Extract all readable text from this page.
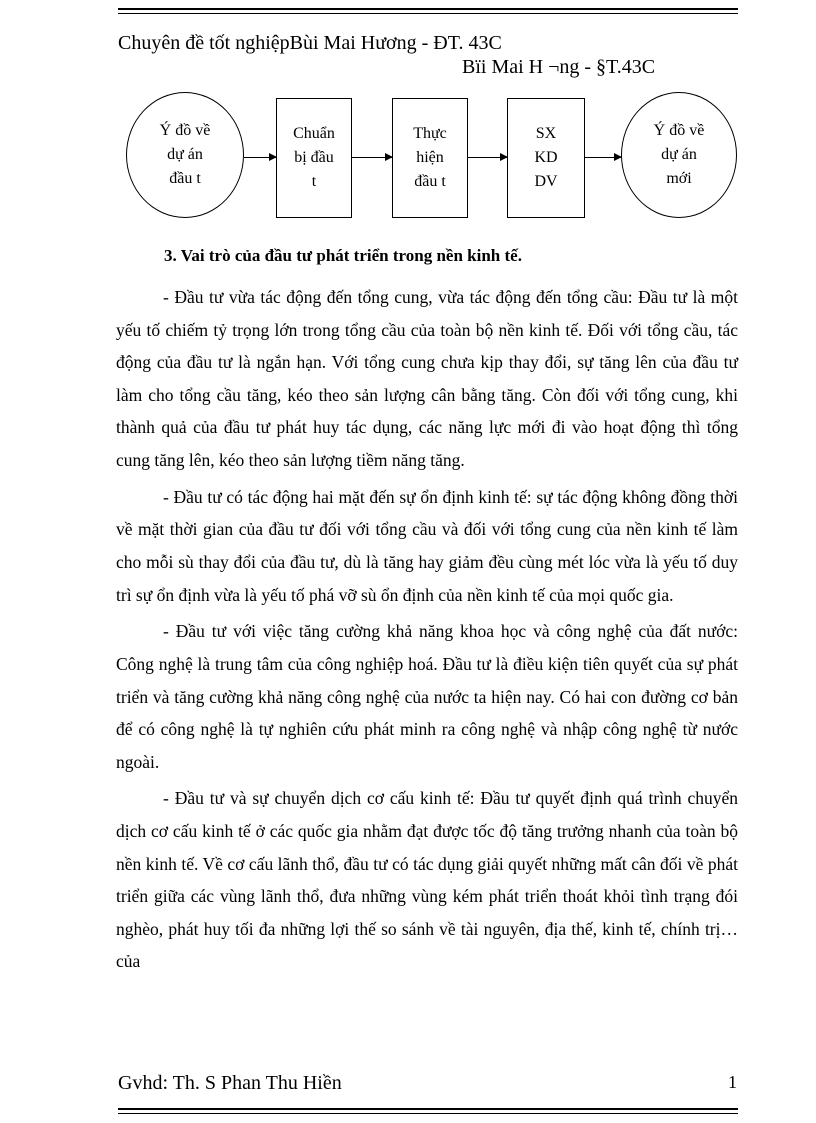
Chuyên đề tốt nghiệpBùi Mai Hương - ĐT. 43C
Bïi Mai H ¬ng - §T.43C
Ý đồ về
dự án
đầu t
Chuẩn
bị đầu
t
Thực
hiện
đầu t
SX
KD
DV
Ý đồ về
dự án
mới
3. Vai trò của đầu tư phát triển trong nền kinh tế.

- Đầu tư vừa tác động đến tổng cung, vừa tác động đến tổng cầu: Đầu tư là một yếu tố chiếm tỷ trọng lớn trong tổng cầu của toàn bộ nền kinh tế. Đối với tổng cầu, tác động của đầu tư là ngắn hạn. Với tổng cung chưa kịp thay đổi, sự tăng lên của đầu tư làm cho tổng cầu tăng, kéo theo sản lượng cân bằng tăng. Còn đối với tổng cung, khi thành quả của đầu tư phát huy tác dụng, các năng lực mới đi vào hoạt động thì tổng cung tăng lên, kéo theo sản lượng tiềm năng tăng.

- Đầu tư có tác động hai mặt đến sự ổn định kinh tế: sự tác động không đồng thời về mặt thời gian của đầu tư đối với tổng cầu và đối với tổng cung của nền kinh tế làm cho mỗi sù thay đổi của đầu tư, dù là tăng hay giảm đều cùng mét lóc vừa là yếu tố duy trì sự ổn định vừa là yếu tố phá vỡ sù ổn định của nền kinh tế của mọi quốc gia.

- Đầu tư với việc tăng cường khả năng khoa học và công nghệ của đất nước: Công nghệ là trung tâm của công nghiệp hoá. Đầu tư là điều kiện tiên quyết của sự phát triển và tăng cường khả năng công nghệ của nước ta hiện nay. Có hai con đường cơ bản để có công nghệ là tự nghiên cứu phát minh ra công nghệ và nhập công nghệ từ nước ngoài.

- Đầu tư và sự chuyển dịch cơ cấu kinh tế: Đầu tư quyết định quá trình chuyển dịch cơ cấu kinh tế ở các quốc gia nhằm đạt được tốc độ tăng trưởng nhanh của toàn bộ nền kinh tế. Về cơ cấu lãnh thổ, đầu tư có tác dụng giải quyết những mất cân đối về phát triển giữa các vùng lãnh thổ, đưa những vùng kém phát triển thoát khỏi tình trạng đói nghèo, phát huy tối đa những lợi thế so sánh về tài nguyên, địa thế, kinh tế, chính trị…của

Gvhd: Th. S Phan Thu Hiền	1
